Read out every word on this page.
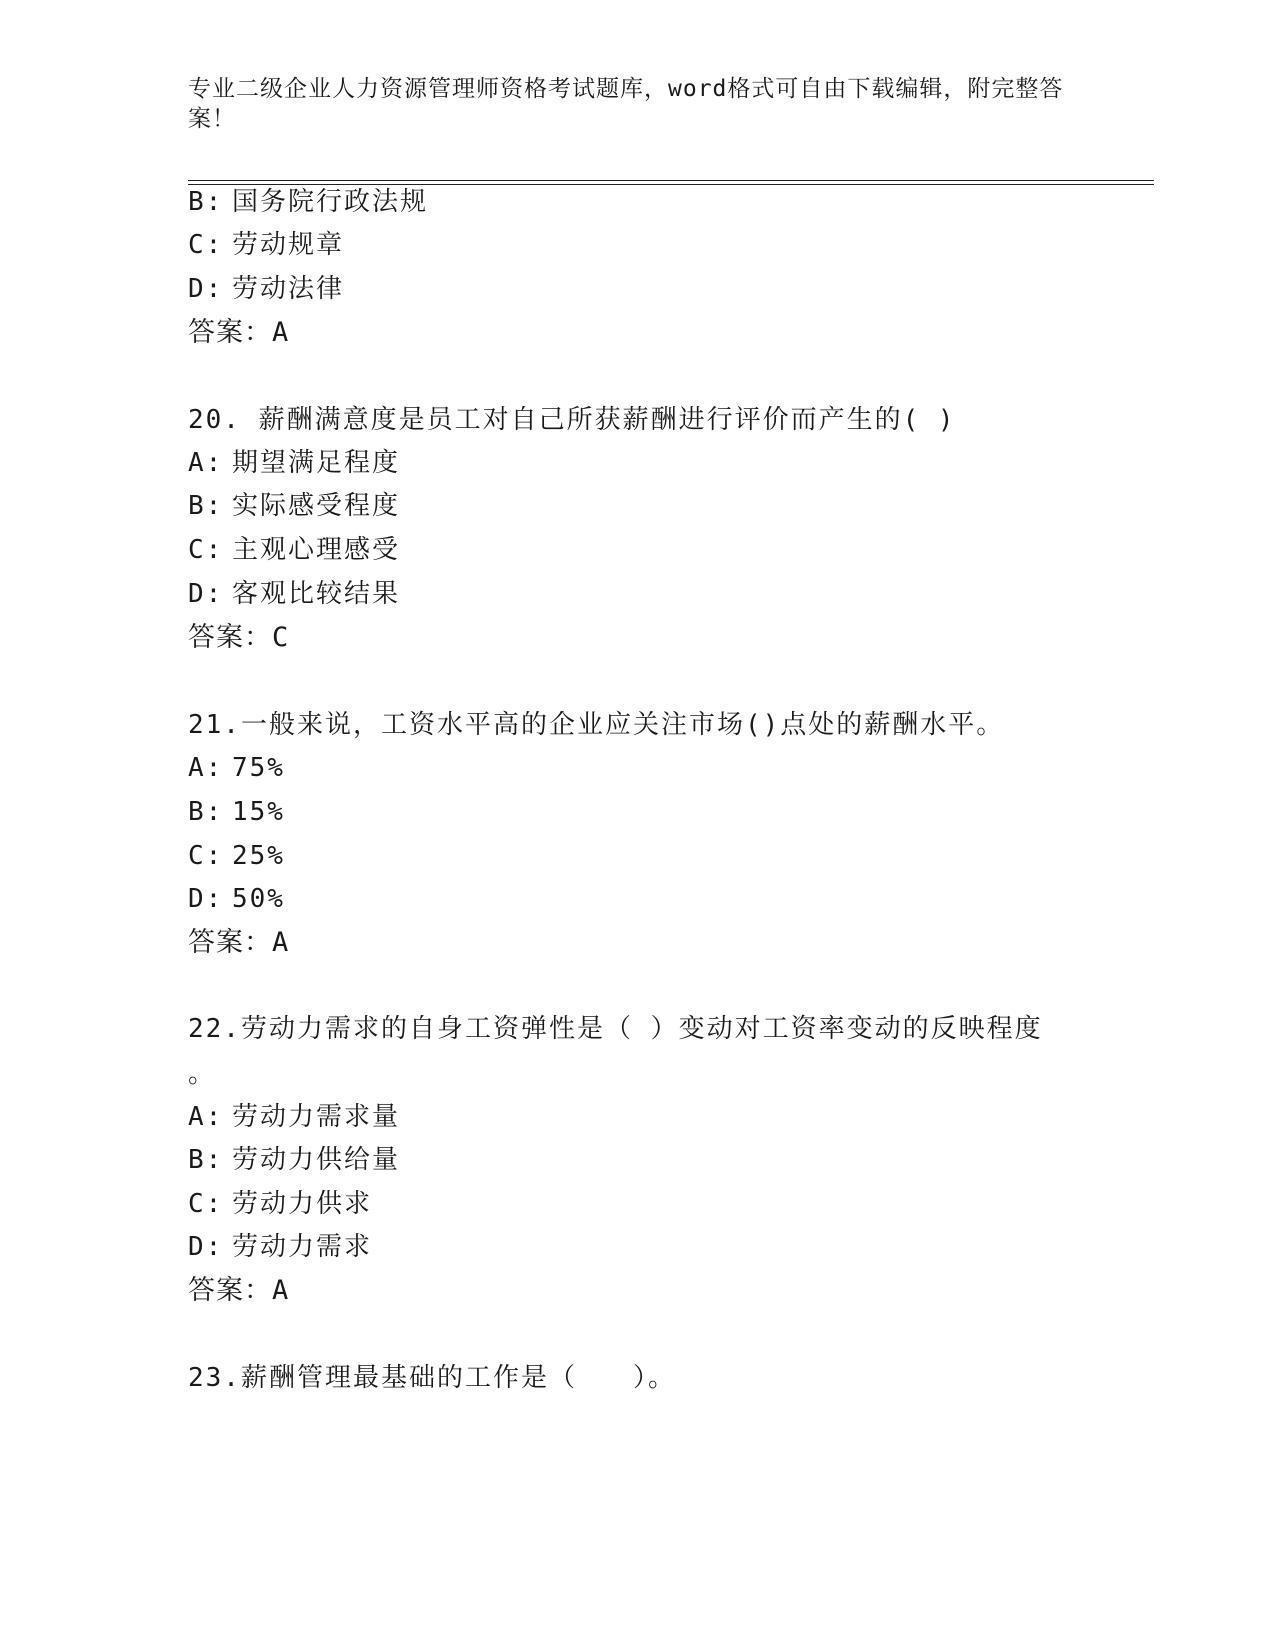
专业二级企业人力资源管理师资格考试题库，word格式可自由下载编辑，附完整答案！
B: 国务院行政法规
C: 劳动规章
D: 劳动法律
答案：A
20. 薪酬满意度是员工对自己所获薪酬进行评价而产生的( )
A: 期望满足程度
B: 实际感受程度
C: 主观心理感受
D: 客观比较结果
答案：C
21.一般来说，工资水平高的企业应关注市场()点处的薪酬水平。
A: 75%
B: 15%
C: 25%
D: 50%
答案：A
22.劳动力需求的自身工资弹性是（ ）变动对工资率变动的反映程度
。
A: 劳动力需求量
B: 劳动力供给量
C: 劳动力供求
D: 劳动力需求
答案：A
23.薪酬管理最基础的工作是（　　）。
